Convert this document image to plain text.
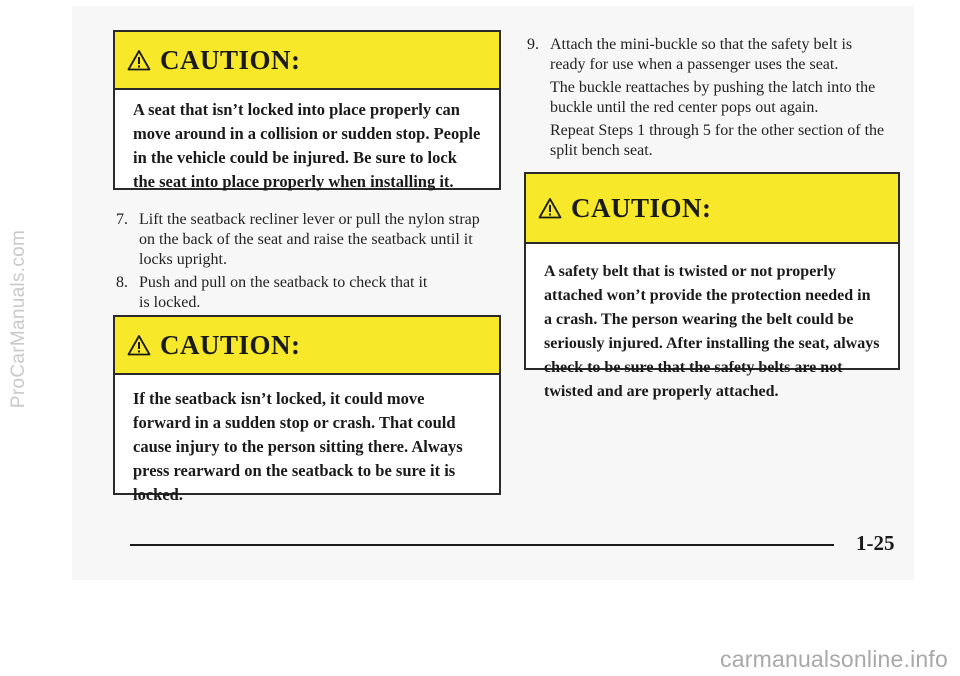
ProCarManuals.com
CAUTION:
A seat that isn’t locked into place properly can move around in a collision or sudden stop. People in the vehicle could be injured. Be sure to lock the seat into place properly when installing it.
7. Lift the seatback recliner lever or pull the nylon strap on the back of the seat and raise the seatback until it locks upright.
8. Push and pull on the seatback to check that it is locked.
CAUTION:
If the seatback isn’t locked, it could move forward in a sudden stop or crash. That could cause injury to the person sitting there. Always press rearward on the seatback to be sure it is locked.
9. Attach the mini-buckle so that the safety belt is ready for use when a passenger uses the seat.
The buckle reattaches by pushing the latch into the buckle until the red center pops out again.
Repeat Steps 1 through 5 for the other section of the split bench seat.
CAUTION:
A safety belt that is twisted or not properly attached won’t provide the protection needed in a crash. The person wearing the belt could be seriously injured. After installing the seat, always check to be sure that the safety belts are not twisted and are properly attached.
1-25
carmanualsonline.info
